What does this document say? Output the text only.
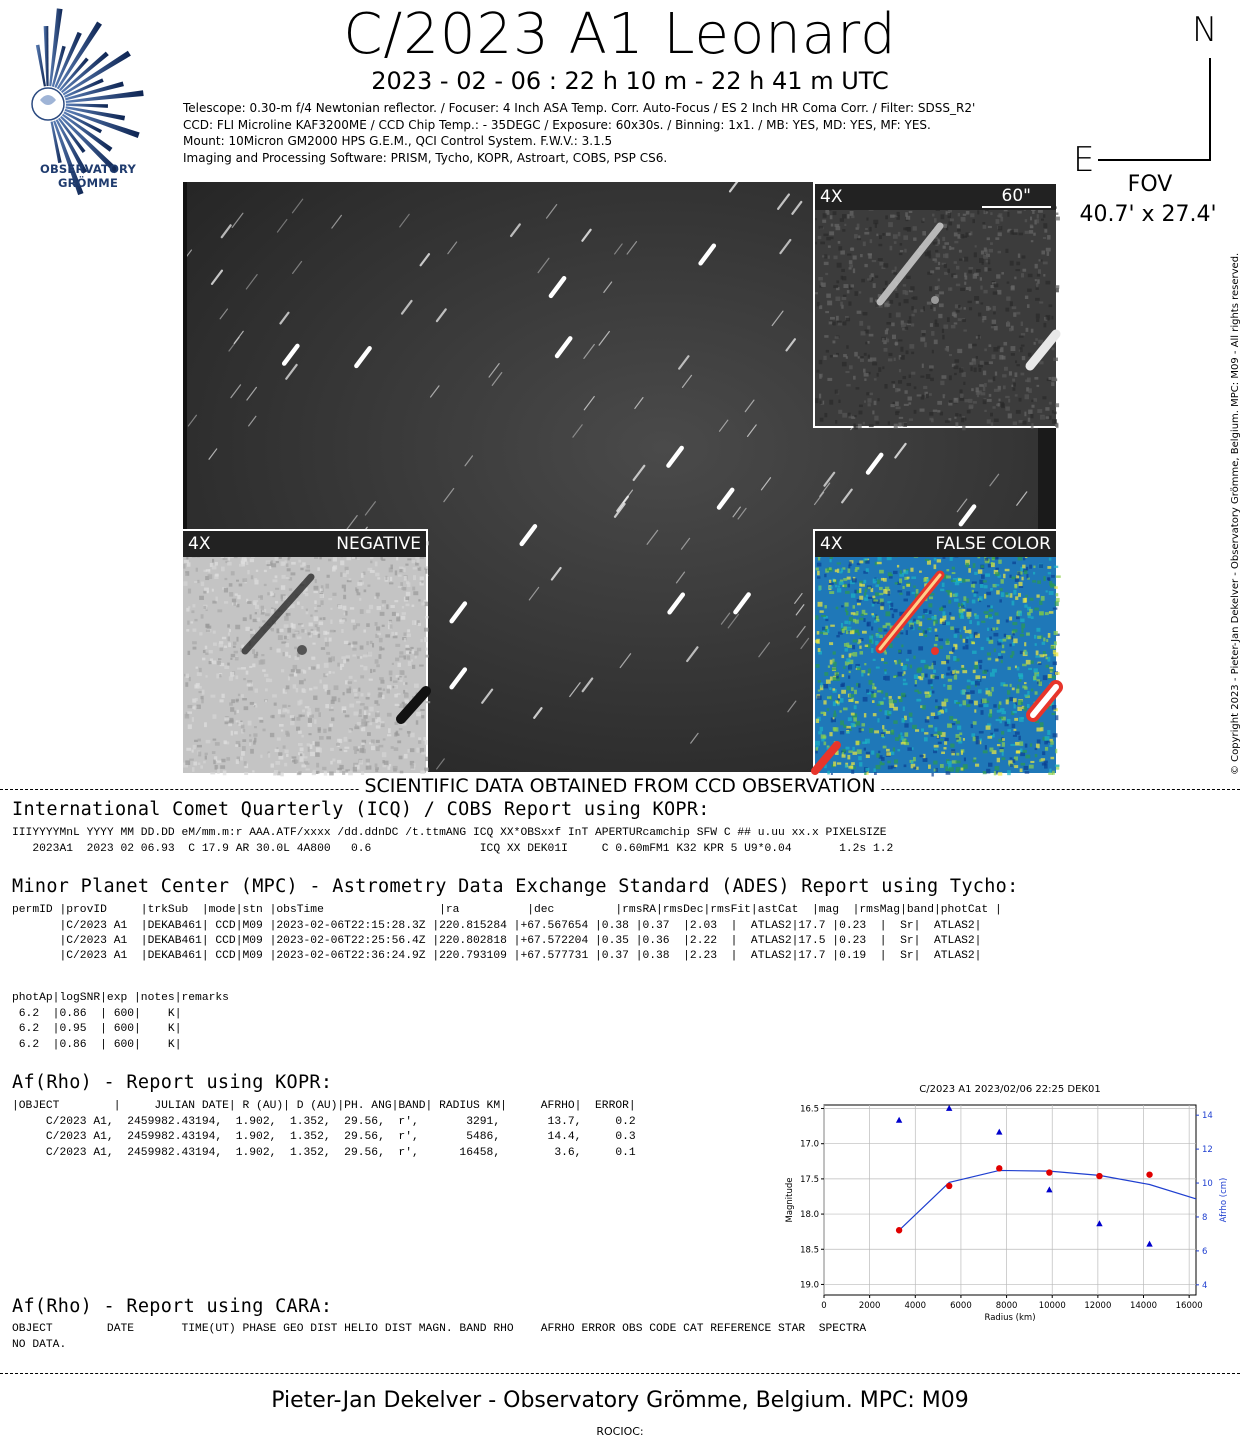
OBSERVATORY GRÖMME
C/2023 A1 Leonard
2023 - 02 - 06 : 22 h 10 m - 22 h 41 m UTC
Telescope: 0.30-m f/4 Newtonian reflector. / Focuser: 4 Inch ASA Temp. Corr. Auto-Focus / ES 2 Inch HR Coma Corr. / Filter: SDSS_R2'
CCD: FLI Microline KAF3200ME / CCD Chip Temp.: - 35DEGC / Exposure: 60x30s. / Binning: 1x1. / MB: YES, MD: YES, MF: YES.
Mount: 10Micron GM2000 HPS G.E.M., QCI Control System. F.W.V.: 3.1.5
Imaging and Processing Software: PRISM, Tycho, KOPR, Astroart, COBS, PSP CS6.
N
E
FOV
40.7' x 27.4'
© Copyright 2023 - Pieter-Jan Dekelver - Observatory Grömme, Belgium. MPC: M09 - All rights reserved.
4X	60"
4X	NEGATIVE	4X	FALSE COLOR
SCIENTIFIC DATA OBTAINED FROM CCD OBSERVATION
International Comet Quarterly (ICQ) / COBS Report using KOPR:
IIIYYYYMnL YYYY MM DD.DD eM/mm.m:r AAA.ATF/xxxx /dd.ddnDC /t.ttmANG ICQ XX*OBSxxf InT APERTURcamchip SFW C ## u.uu xx.x PIXELSIZE
2023A1  2023 02 06.93  C 17.9 AR 30.0L 4A800   0.6                ICQ XX DEK01I     C 0.60mFM1 K32 KPR 5 U9*0.04       1.2s 1.2
Minor Planet Center (MPC) - Astrometry Data Exchange Standard (ADES) Report using Tycho:
permID |provID     |trkSub  |mode|stn |obsTime                 |ra          |dec         |rmsRA|rmsDec|rmsFit|astCat  |mag  |rmsMag|band|photCat |
|C/2023 A1  |DEKAB461| CCD|M09 |2023-02-06T22:15:28.3Z |220.815284 |+67.567654 |0.38 |0.37  |2.03  |  ATLAS2|17.7 |0.23  |  Sr|  ATLAS2|
|C/2023 A1  |DEKAB461| CCD|M09 |2023-02-06T22:25:56.4Z |220.802818 |+67.572204 |0.35 |0.36  |2.22  |  ATLAS2|17.5 |0.23  |  Sr|  ATLAS2|
|C/2023 A1  |DEKAB461| CCD|M09 |2023-02-06T22:36:24.9Z |220.793109 |+67.577731 |0.37 |0.38  |2.23  |  ATLAS2|17.7 |0.19  |  Sr|  ATLAS2|
photAp|logSNR|exp |notes|remarks
6.2  |0.86  | 600|    K|
6.2  |0.95  | 600|    K|
6.2  |0.86  | 600|    K|
Af(Rho) - Report using KOPR:
|OBJECT        |     JULIAN DATE| R (AU)| D (AU)|PH. ANG|BAND| RADIUS KM|     AFRHO|  ERROR|
C/2023 A1,  2459982.43194,  1.902,  1.352,  29.56,  r',       3291,       13.7,     0.2
C/2023 A1,  2459982.43194,  1.902,  1.352,  29.56,  r',       5486,       14.4,     0.3
C/2023 A1,  2459982.43194,  1.902,  1.352,  29.56,  r',      16458,        3.6,     0.1
C/2023 A1 2023/02/06 22:25 DEK01
0	2000	4000	6000	8000	10000 12000 14000 16000
16.5
17.0
17.5
18.0
18.5
19.0	4
6
8
10
12
14
Radius (km)
Magnitude	Afrho (cm)
Af(Rho) - Report using CARA:
OBJECT        DATE       TIME(UT) PHASE GEO DIST HELIO DIST MAGN. BAND RHO    AFRHO ERROR OBS CODE CAT REFERENCE STAR  SPECTRA
NO DATA.
Pieter-Jan Dekelver - Observatory Grömme, Belgium. MPC: M09
ROCIOC:
